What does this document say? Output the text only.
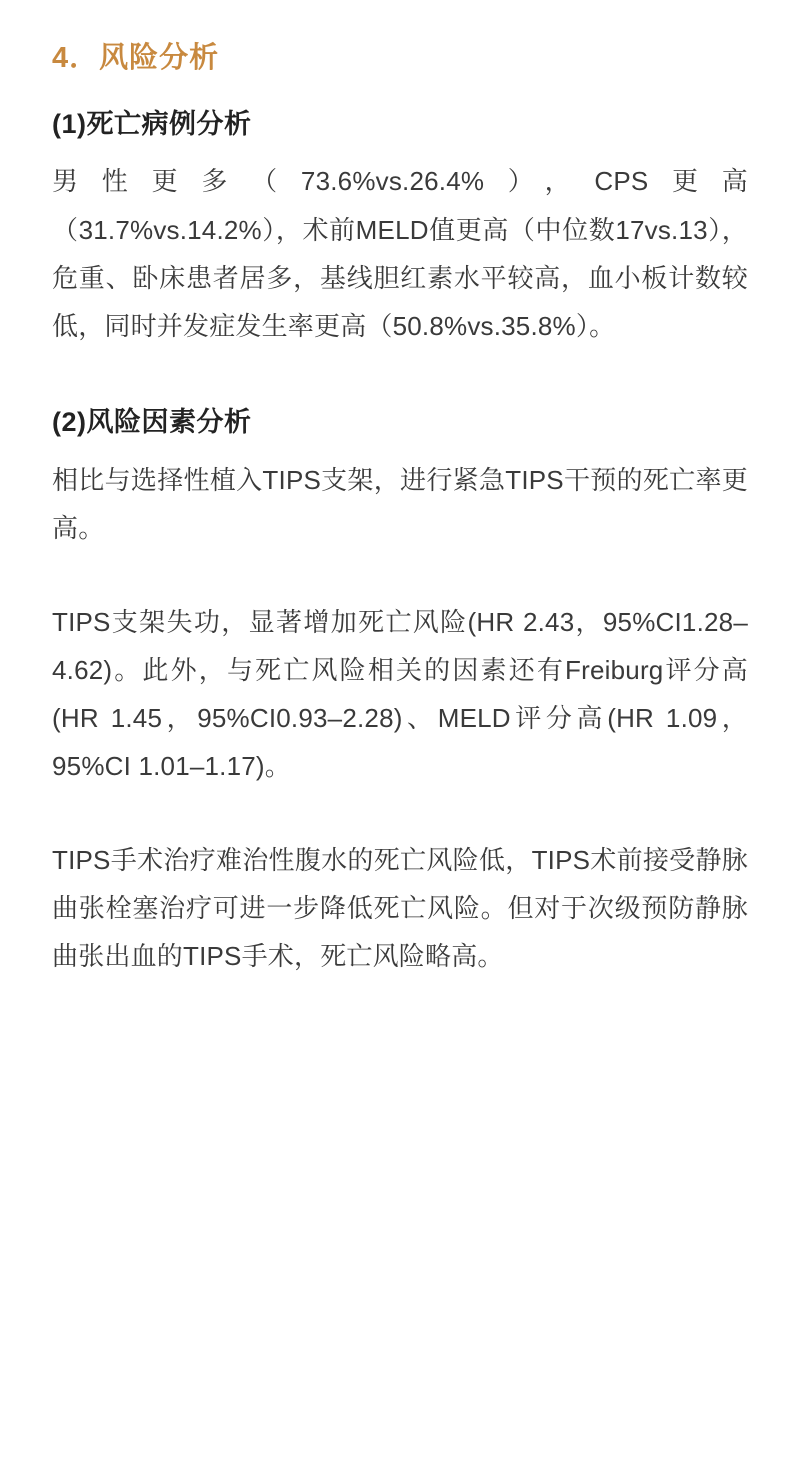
4．风险分析
(1)死亡病例分析

男性更多（73.6%vs.26.4%），CPS更高（31.7%vs.14.2%），术前MELD值更高（中位数17vs.13），危重、卧床患者居多，基线胆红素水平较高，血小板计数较低，同时并发症发生率更高（50.8%vs.35.8%）。

(2)风险因素分析

相比与选择性植入TIPS支架，进行紧急TIPS干预的死亡率更高。

TIPS支架失功，显著增加死亡风险(HR 2.43，95%CI1.28–4.62)。此外，与死亡风险相关的因素还有Freiburg评分高(HR 1.45，95%CI0.93–2.28)、MELD评分高(HR 1.09，95%CI 1.01–1.17)。

TIPS手术治疗难治性腹水的死亡风险低，TIPS术前接受静脉曲张栓塞治疗可进一步降低死亡风险。但对于次级预防静脉曲张出血的TIPS手术，死亡风险略高。
